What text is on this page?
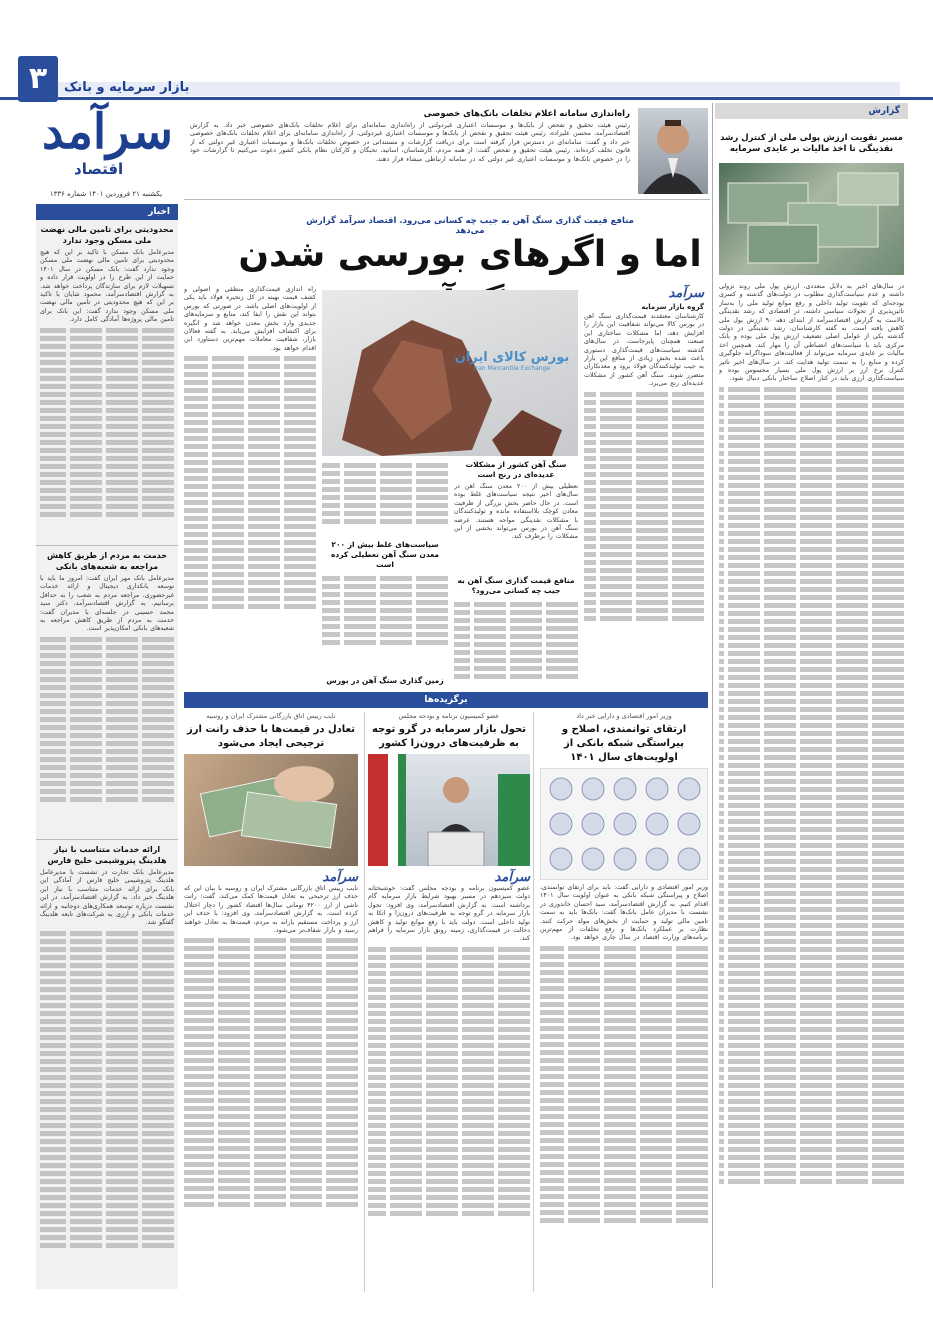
۳	بازار سرمایه و بانک
سرآمد
اقتصاد
یکشنبه ۲۱ فروردین ۱۴۰۱ شماره ۱۳۳۶
راه‌اندازی سامانه اعلام تخلفات بانک‌های خصوصی
رئیس هیئت تحقیق و تفحص از بانک‌ها و موسسات اعتباری غیردولتی از راه‌اندازی سامانه‌ای برای اعلام تخلفات بانک‌های خصوصی خبر داد. به گزارش اقتصادسرآمد، محسن علیزاده، رئیس هیئت تحقیق و تفحص از بانک‌ها و موسسات اعتباری غیردولتی، از راه‌اندازی سامانه‌ای برای اعلام تخلفات بانک‌های خصوصی خبر داد و گفت: سامانه‌ای در دسترس قرار گرفته است برای دریافت گزارشات و مستنداتی در خصوص تخلفات بانک‌ها و موسسات اعتباری غیر دولتی که از قانون تخلف کرده‌اند. رئیس هیئت تحقیق و تفحص گفت: از همه مردم، کارشناسان، اساتید، نخبگان و کارکنان نظام بانکی کشور دعوت می‌کنیم تا گزارشات خود را در خصوص بانک‌ها و موسسات اعتباری غیر دولتی که در سامانه ارتباطی میشاء قرار دهند.
گزارش
مسیر تقویت ارزش پولی ملی از کنترل رشد نقدینگی تا اخذ مالیات بر عایدی سرمایه
در سال‌های اخیر به دلایل متعددی، ارزش پول ملی روند نزولی داشته و عدم سیاست‌گذاری مطلوب در دولت‌های گذشته و کسری بودجه‌ای که تقویت تولید داخلی و رفع موانع تولید ملی را به‌ساز تاثیرپذیری از تحولات سیاسی داشته، در اقتصادی که رشد نقدینگی بالاست به گزارش اقتصادسرآمد از ابتدای دهه ۹۰ ارزش پول ملی کاهش یافته است. به گفته کارشناسان، رشد نقدینگی در دولت گذشته یکی از عوامل اصلی تضعیف ارزش پول ملی بوده و بانک مرکزی باید با سیاست‌های انضباطی آن را مهار کند. همچنین اخذ مالیات بر عایدی سرمایه می‌تواند از فعالیت‌های سوداگرانه جلوگیری کرده و منابع را به سمت تولید هدایت کند. در سال‌های اخیر تاثیر کنترل نرخ ارز بر ارزش پول ملی بسیار محسوس بوده و سیاست‌گذاری ارزی باید در کنار اصلاح ساختار بانکی دنبال شود.
اخبار
محدودیتی برای تامین مالی نهضت ملی مسکن وجود ندارد
مدیرعامل بانک مسکن با تاکید بر این که هیچ محدودیتی برای تامین مالی نهضت ملی مسکن وجود ندارد گفت: بانک مسکن در سال ۱۴۰۱ حمایت از این طرح را در اولویت قرار داده و تسهیلات لازم برای سازندگان پرداخت خواهد شد. به گزارش اقتصادسرآمد، محمود شایان با تاکید بر این که هیچ محدودیتی در تامین مالی نهضت ملی مسکن وجود ندارد گفت: این بانک برای تامین مالی پروژه‌ها آمادگی کامل دارد.
خدمت به مردم از طریق کاهش مراجعه به شعبه‌های بانکی
مدیرعامل بانک مهر ایران گفت: امروز ما باید با توسعه بانکداری دیجیتال و ارائه خدمات غیرحضوری، مراجعه مردم به شعب را به حداقل برسانیم. به گزارش اقتصادسرآمد، دکتر سید محمد حسینی در جلسه‌ای با مدیران گفت: خدمت به مردم از طریق کاهش مراجعه به شعبه‌های بانکی امکان‌پذیر است.
ارائه خدمات متناسب با نیاز هلدینگ پتروشیمی خلیج فارس
مدیرعامل بانک تجارت در نشست با مدیرعامل هلدینگ پتروشیمی خلیج فارس از آمادگی این بانک برای ارائه خدمات متناسب با نیاز این هلدینگ خبر داد. به گزارش اقتصادسرآمد، در این نشست درباره توسعه همکاری‌های دوجانبه و ارائه خدمات بانکی و ارزی به شرکت‌های تابعه هلدینگ گفتگو شد.
منافع قیمت گذاری سنگ آهن به جیب چه کسانی می‌رود. اقتصاد سرآمد گزارش می‌دهد
اما و اگرهای بورسی شدن
بورس کالای ایران
Iran Mercantile Exchange
سرآمد
گروه بازار سرمایه
کارشناسان معتقدند قیمت‌گذاری سنگ آهن در بورس کالا می‌تواند شفافیت این بازار را افزایش دهد، اما مشکلات ساختاری این صنعت همچنان پابرجاست. در سال‌های گذشته سیاست‌های قیمت‌گذاری دستوری باعث شده بخش زیادی از منافع این بازار به جیب تولیدکنندگان فولاد برود و معدنکاران متضرر شوند. سنگ آهن کشور از مشکلات عدیده‌ای رنج می‌برد.
سنگ آهن کشور از مشکلات عدیده‌ای در رنج است
تعطیلی بیش از ۲۰۰ معدن سنگ آهن در سال‌های اخیر نتیجه سیاست‌های غلط بوده است. در حال حاضر بخش بزرگی از ظرفیت معادن کوچک بلااستفاده مانده و تولیدکنندگان با مشکلات نقدینگی مواجه هستند. عرضه سنگ آهن در بورس می‌تواند بخشی از این مشکلات را برطرف کند.
منافع قیمت گذاری سنگ آهن به جیب چه کسانی می‌رود؟
سیاست‌های غلط بیش از ۲۰۰ معدن سنگ آهن تعطیلی کرده است
زمین گذاری سنگ آهن در بورس
راه اندازی قیمت‌گذاری منطقی و اصولی و کشف قیمت بهینه در کل زنجیره فولاد باید یکی از اولویت‌های اصلی باشد. در صورتی که بورس بتواند این نقش را ایفا کند، منابع و سرمایه‌های جدیدی وارد بخش معدن خواهد شد و انگیزه برای اکتشاف افزایش می‌یابد. به گفته فعالان بازار، شفافیت معاملات مهم‌ترین دستاورد این اقدام خواهد بود.
برگزیده‌ها
وزیر امور اقتصادی و دارایی خبر داد
ارتقای توانمندی، اصلاح و پیراستگی شبکه بانکی از اولویت‌های سال ۱۴۰۱
وزیر امور اقتصادی و دارایی گفت: باید برای ارتقای توانمندی، اصلاح و پیراستگی شبکه بانکی به عنوان اولویت سال ۱۴۰۱ اقدام کنیم. به گزارش اقتصادسرآمد، سید احسان خاندوزی در نشست با مدیران عامل بانک‌ها گفت: بانک‌ها باید به سمت تامین مالی تولید و حمایت از بخش‌های مولد حرکت کنند. نظارت بر عملکرد بانک‌ها و رفع تخلفات از مهم‌ترین برنامه‌های وزارت اقتصاد در سال جاری خواهد بود.
عضو کمیسیون برنامه و بودجه مجلس
تحول بازار سرمایه در گرو توجه به ظرفیت‌های درون‌زا کشور
سرآمد
عضو کمیسیون برنامه و بودجه مجلس گفت: خوشبختانه دولت سیزدهم در مسیر بهبود شرایط بازار سرمایه گام برداشته است. به گزارش اقتصادسرآمد، وی افزود: تحول بازار سرمایه در گرو توجه به ظرفیت‌های درون‌زا و اتکا به تولید داخلی است. دولت باید با رفع موانع تولید و کاهش دخالت در قیمت‌گذاری، زمینه رونق بازار سرمایه را فراهم کند.
نایب رییس اتاق بازرگانی مشترک ایران و روسیه
تعادل در قیمت‌ها با حذف رانت ارز ترجیحی ایجاد می‌شود
سرآمد
نایب رییس اتاق بازرگانی مشترک ایران و روسیه با بیان این که حذف ارز ترجیحی به تعادل قیمت‌ها کمک می‌کند، گفت: رانت ناشی از ارز ۴۲۰۰ تومانی سال‌ها اقتصاد کشور را دچار اختلال کرده است. به گزارش اقتصادسرآمد، وی افزود: با حذف این ارز و پرداخت مستقیم یارانه به مردم، قیمت‌ها به تعادل خواهند رسید و بازار شفاف‌تر می‌شود.
